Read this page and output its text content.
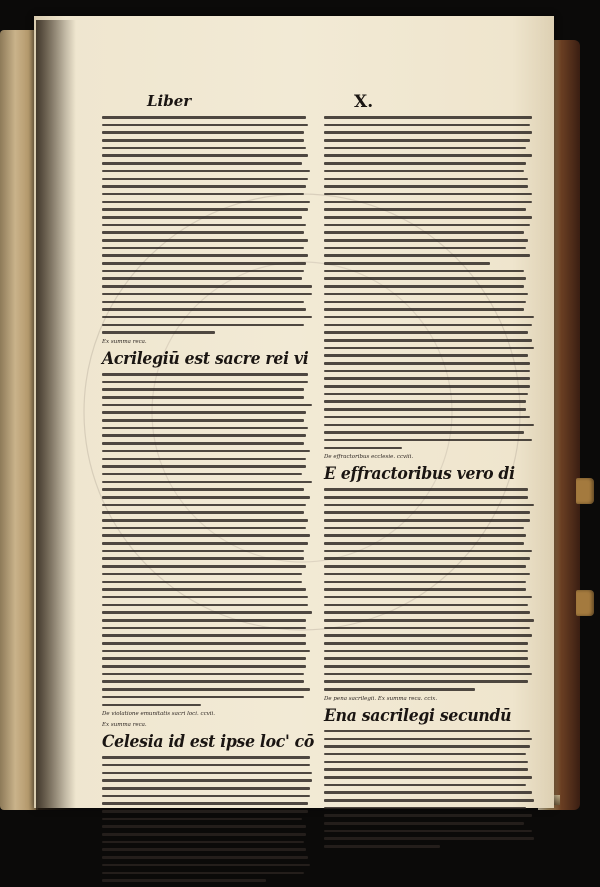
Liber	X.
Ex summa reca.
Acrilegiū est sacre rei vi
De violatione emunitatis sacri loci. ccvii.
Ex summa reca.
Celesia id est ipse loc' cō
De effractoribus ecclesie. ccviii.
E effractoribus vero di
De pena sacrilegii. Ex summa reca. ccix.
Ena sacrilegi secundū
